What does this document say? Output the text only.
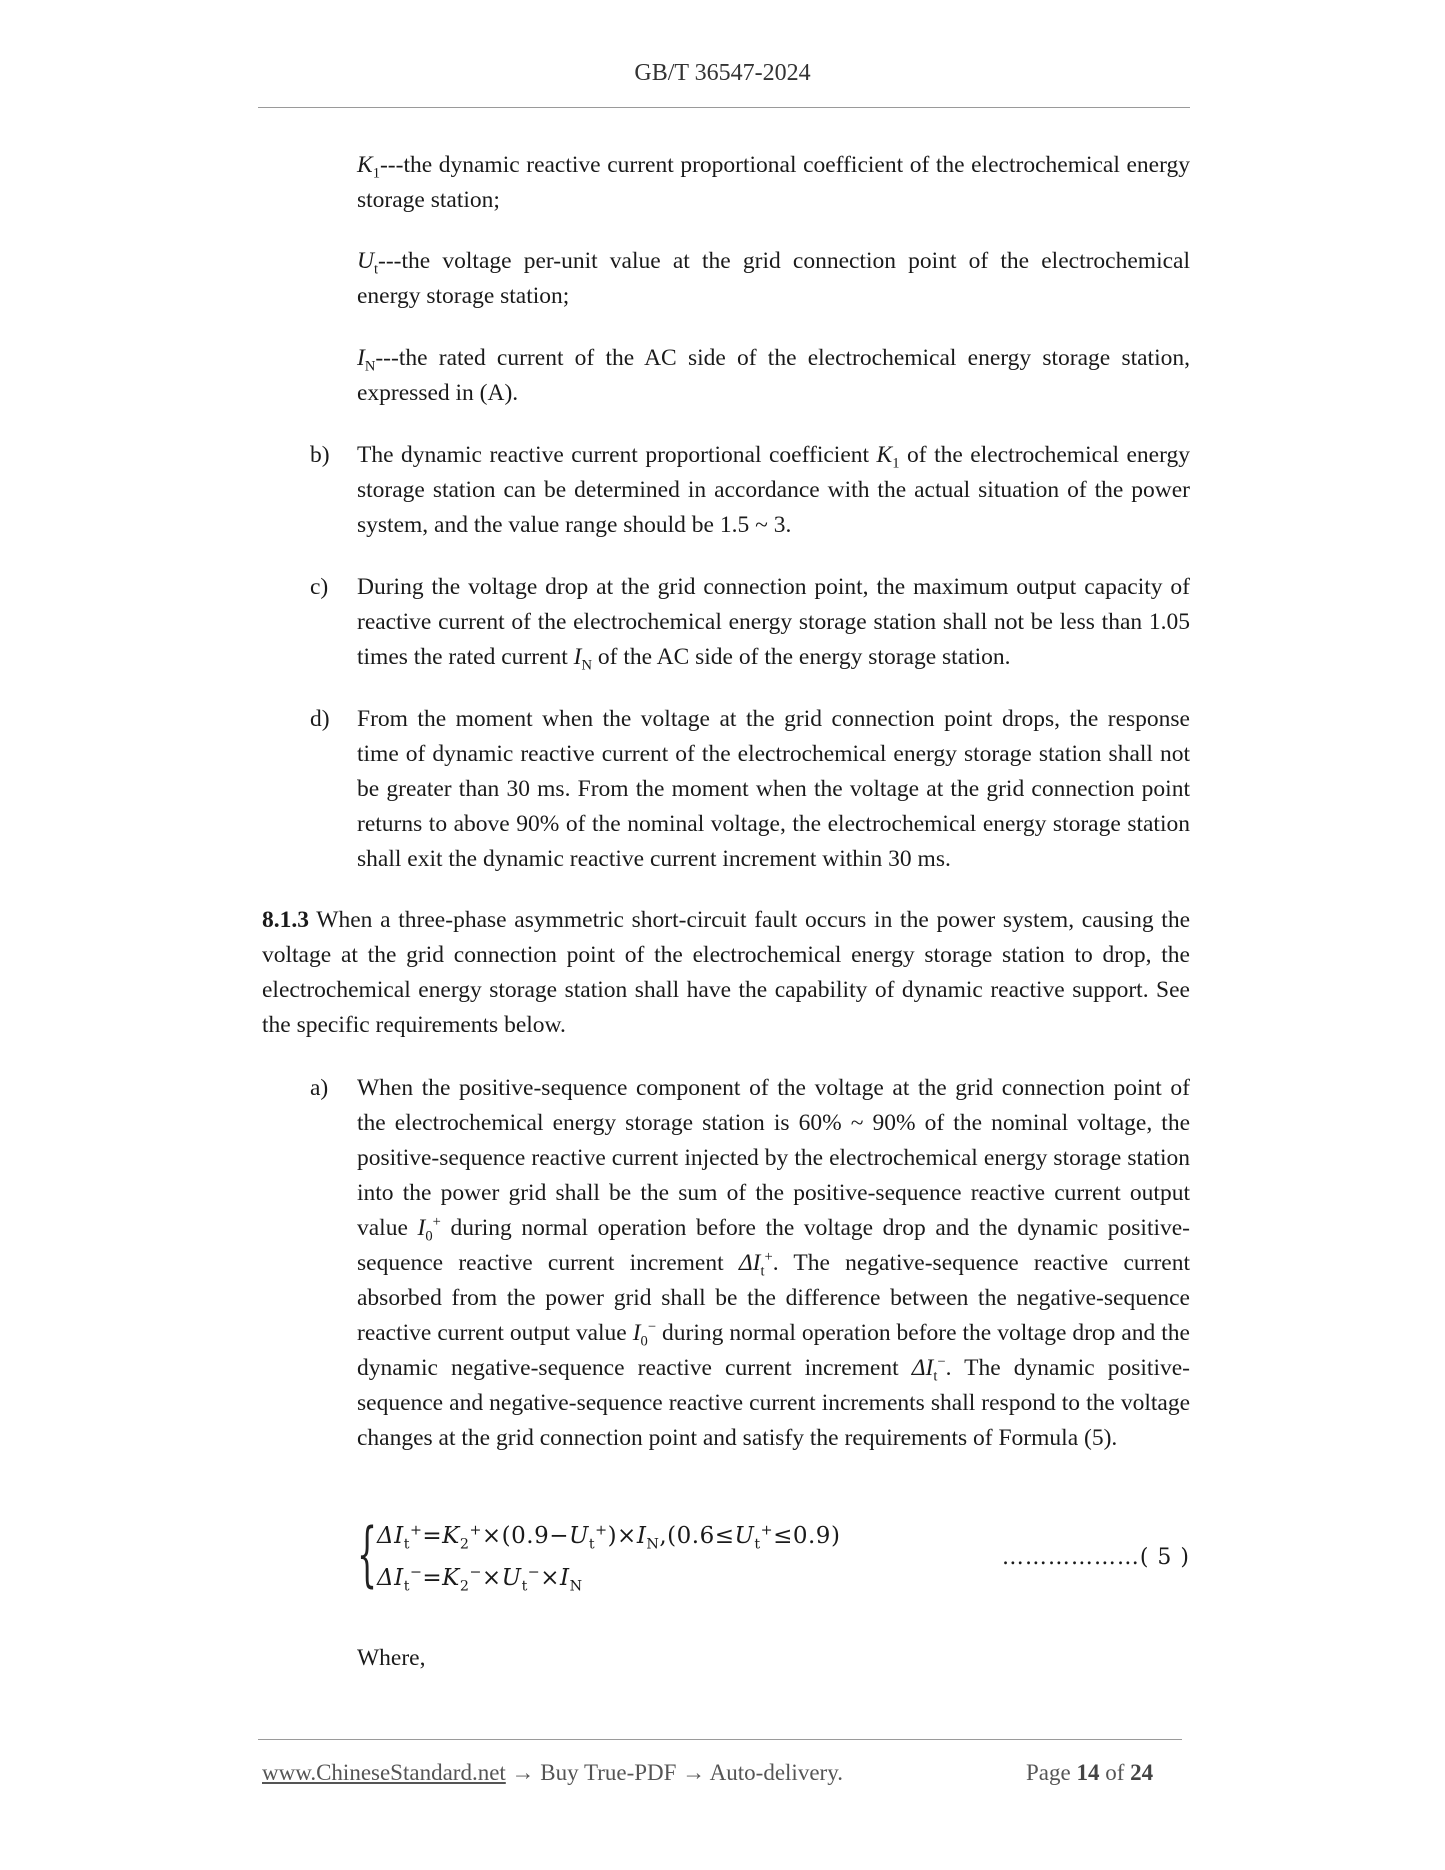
GB/T 36547-2024
$K_1--$-the dynamic reactive current proportional coefficient of the electrochemical energy storage station;
$U_t--$-the voltage per-unit value at the grid connection point of the electrochemical energy storage station;
$I_N--$-the rated current of the AC side of the electrochemical energy storage station, expressed in (A).
b) The dynamic reactive current proportional coefficient $K_1$ of the electrochemical energy storage station can be determined in accordance with the actual situation of the power system, and the value range should be 1.5 ~ 3.
c) During the voltage drop at the grid connection point, the maximum output capacity of reactive current of the electrochemical energy storage station shall not be less than 1.05 times the rated current $I_N$ of the AC side of the energy storage station.
d) From the moment when the voltage at the grid connection point drops, the response time of dynamic reactive current of the electrochemical energy storage station shall not be greater than 30 ms. From the moment when the voltage at the grid connection point returns to above 90% of the nominal voltage, the electrochemical energy storage station shall exit the dynamic reactive current increment within 30 ms.
8.1.3 When a three-phase asymmetric short-circuit fault occurs in the power system, causing the voltage at the grid connection point of the electrochemical energy storage station to drop, the electrochemical energy storage station shall have the capability of dynamic reactive support. See the specific requirements below.
a) When the positive-sequence component of the voltage at the grid connection point of the electrochemical energy storage station is 60% ~ 90% of the nominal voltage, the positive-sequence reactive current injected by the electrochemical energy storage station into the power grid shall be the sum of the positive-sequence reactive current output value $I_0^+$ during normal operation before the voltage drop and the dynamic positive-sequence reactive current increment $\Delta I_t^+$. The negative-sequence reactive current absorbed from the power grid shall be the difference between the negative-sequence reactive current output value $I_0^-$ during normal operation before the voltage drop and the dynamic negative-sequence reactive current increment $\Delta I_t^-$. The dynamic positive-sequence and negative-sequence reactive current increments shall respond to the voltage changes at the grid connection point and satisfy the requirements of Formula (5).
{ $\Delta I_t^+=K_2^+\times(0.9-U_t^+)\times I_N,(0.6\le U_t^+\le 0.9)$
$\Delta I_t^-=K_2^-\times U_t^-\times I_N$
………………( 5 )
Where,
www.ChineseStandard.net → Buy True-PDF → Auto-delivery.	Page 14 of 24
